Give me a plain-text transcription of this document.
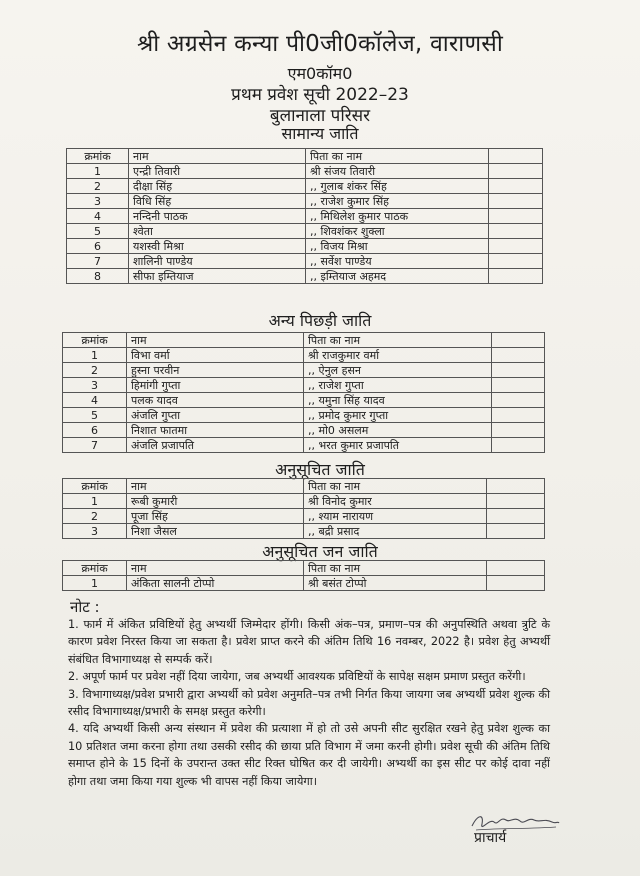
श्री अग्रसेन कन्या पी0जी0कॉलेज, वाराणसी
एम0कॉम0
प्रथम प्रवेश सूची 2022–23
बुलानाला परिसर
सामान्य जाति
क्रमांक	नाम	पिता का नाम	
1	एन्द्री तिवारी	श्री संजय तिवारी	
2	दीक्षा सिंह	,, गुलाब शंकर सिंह	
3	विधि सिंह	,, राजेश कुमार सिंह	
4	नन्दिनी पाठक	,, मिथिलेश कुमार पाठक	
5	श्वेता	,, शिवशंकर शुक्ला	
6	यशस्वी मिश्रा	,, विजय मिश्रा	
7	शालिनी पाण्डेय	,, सर्वेश पाण्डेय	
8	सीफा इम्तियाज	,, इम्तियाज अहमद	
अन्य पिछड़ी जाति
क्रमांक	नाम	पिता का नाम	
1	विभा वर्मा	श्री राजकुमार वर्मा	
2	हुस्ना परवीन	,, ऐनुल हसन	
3	हिमांगी गुप्ता	,, राजेश गुप्ता	
4	पलक यादव	,, यमुना सिंह यादव	
5	अंजलि गुप्ता	,, प्रमोद कुमार गुप्ता	
6	निशात फातमा	,, मो0 असलम	
7	अंजलि प्रजापति	,, भरत कुमार प्रजापति	
अनुसूचित जाति
क्रमांक	नाम	पिता का नाम	
1	रूबी कुमारी	श्री विनोद कुमार	
2	पूजा सिंह	,, श्याम नारायण	
3	निशा जैसल	,, बद्री प्रसाद	
अनुसूचित जन जाति
क्रमांक	नाम	पिता का नाम	
1	अंकिता सालनी टोप्पो	श्री बसंत टोप्पो	
नोट :

1. फार्म में अंकित प्रविष्टियों हेतु अभ्यर्थी जिम्मेदार होंगी। किसी अंक–पत्र, प्रमाण–पत्र की अनुपस्थिति अथवा त्रुटि के कारण प्रवेश निरस्त किया जा सकता है। प्रवेश प्राप्त करने की अंतिम तिथि 16 नवम्बर, 2022 है। प्रवेश हेतु अभ्यर्थी संबंधित विभागाध्यक्ष से सम्पर्क करें।

2. अपूर्ण फार्म पर प्रवेश नहीं दिया जायेगा, जब अभ्यर्थी आवश्यक प्रविष्टियों के सापेक्ष सक्षम प्रमाण प्रस्तुत करेंगी।

3. विभागाध्यक्ष/प्रवेश प्रभारी द्वारा अभ्यर्थी को प्रवेश अनुमति–पत्र तभी निर्गत किया जायगा जब अभ्यर्थी प्रवेश शुल्क की रसीद विभागाध्यक्ष/प्रभारी के समक्ष प्रस्तुत करेगी।

4. यदि अभ्यर्थी किसी अन्य संस्थान में प्रवेश की प्रत्याशा में हो तो उसे अपनी सीट सुरक्षित रखने हेतु प्रवेश शुल्क का 10 प्रतिशत जमा करना होगा तथा उसकी रसीद की छाया प्रति विभाग में जमा करनी होगी। प्रवेश सूची की अंतिम तिथि समाप्त होने के 15 दिनों के उपरान्त उक्त सीट रिक्त घोषित कर दी जायेगी। अभ्यर्थी का इस सीट पर कोई दावा नहीं होगा तथा जमा किया गया शुल्क भी वापस नहीं किया जायेगा।

प्राचार्य
